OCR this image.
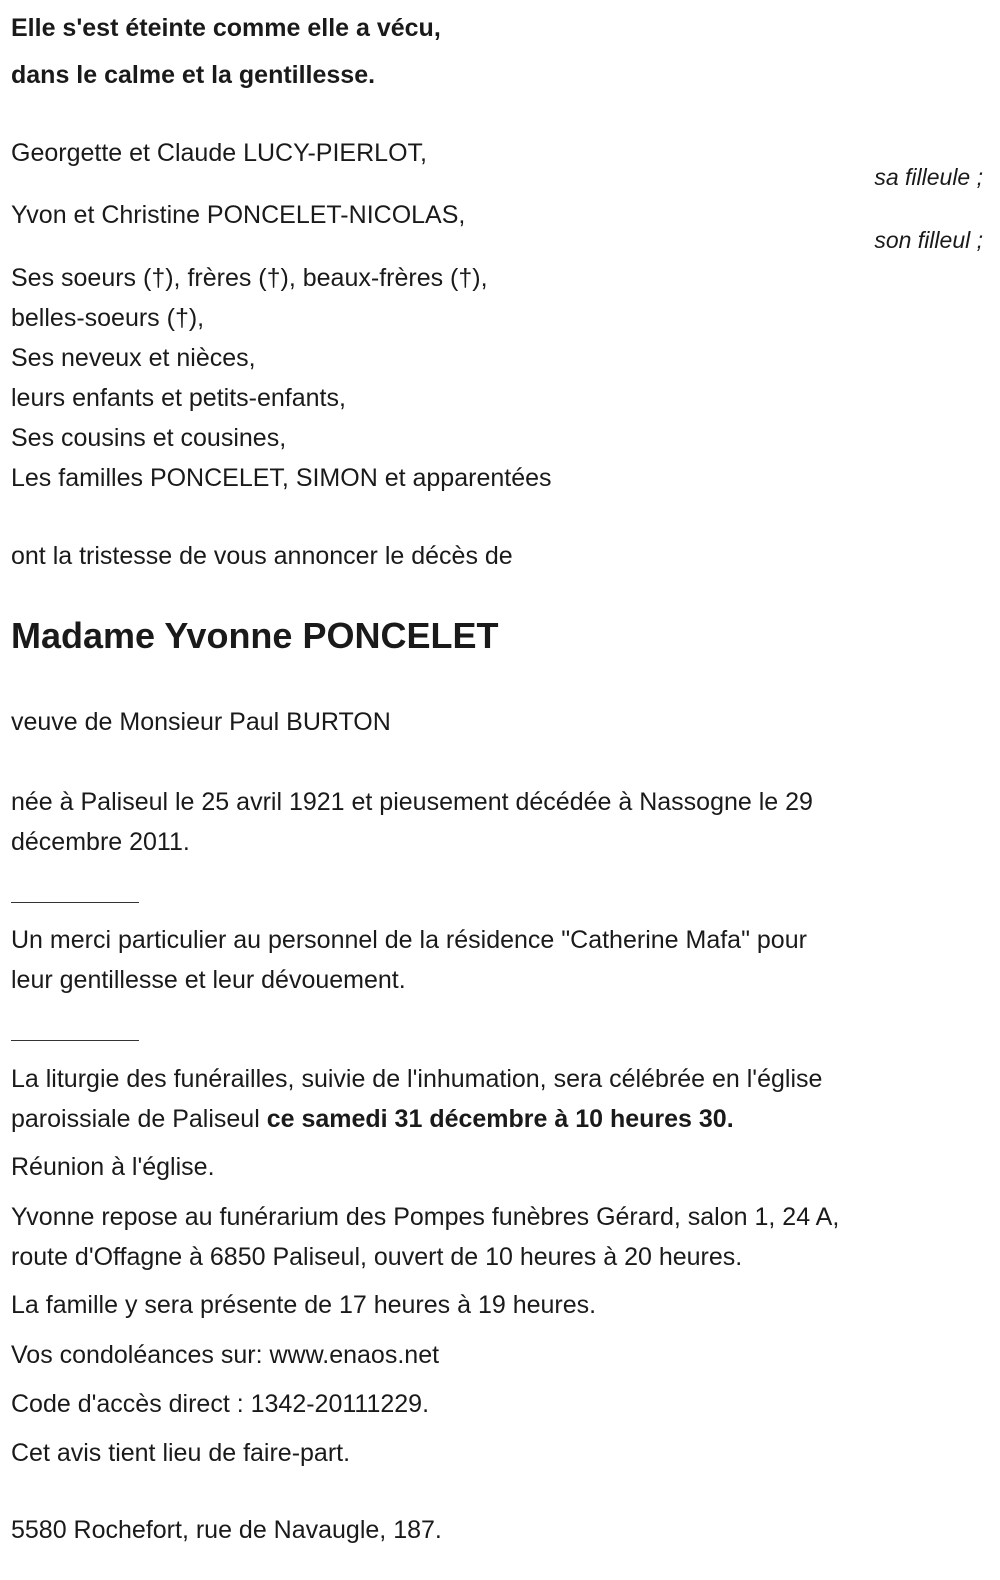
Elle s'est éteinte comme elle a vécu,
dans le calme et la gentillesse.
Georgette et Claude LUCY-PIERLOT,
sa filleule ;
Yvon et Christine PONCELET-NICOLAS,
son filleul ;
Ses soeurs (†), frères (†), beaux-frères (†),
belles-soeurs (†),
Ses neveux et nièces,
leurs enfants et petits-enfants,
Ses cousins et cousines,
Les familles PONCELET, SIMON et apparentées
ont la tristesse de vous annoncer le décès de
Madame Yvonne PONCELET
veuve de Monsieur Paul BURTON
née à Paliseul le 25 avril 1921 et pieusement décédée à Nassogne le 29
décembre 2011.
Un merci particulier au personnel de la résidence "Catherine Mafa" pour
leur gentillesse et leur dévouement.
La liturgie des funérailles, suivie de l'inhumation, sera célébrée en l'église
paroissiale de Paliseul ce samedi 31 décembre à 10 heures 30.
Réunion à l'église.
Yvonne repose au funérarium des Pompes funèbres Gérard, salon 1, 24 A,
route d'Offagne à 6850 Paliseul, ouvert de 10 heures à 20 heures.
La famille y sera présente de 17 heures à 19 heures.
Vos condoléances sur: www.enaos.net
Code d'accès direct : 1342-20111229.
Cet avis tient lieu de faire-part.
5580 Rochefort, rue de Navaugle, 187.
